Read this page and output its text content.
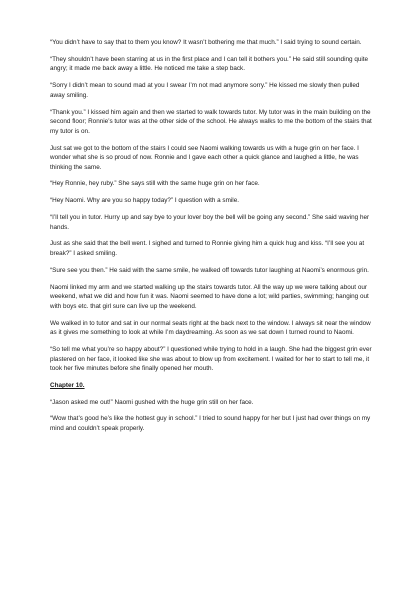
“You didn’t have to say that to them you know? It wasn’t bothering me that much.” I said trying to sound certain.

“They shouldn’t have been starring at us in the first place and I can tell it bothers you.” He said still sounding quite angry; it made me back away a little. He noticed me take a step back.

“Sorry I didn’t mean to sound mad at you I swear I’m not mad anymore sorry.” He kissed me slowly then pulled away smiling.

“Thank you.” I kissed him again and then we started to walk towards tutor. My tutor was in the main building on the second floor; Ronnie’s tutor was at the other side of the school. He always walks to me the bottom of the stairs that my tutor is on.

Just sat we got to the bottom of the stairs I could see Naomi walking towards us with a huge grin on her face. I wonder what she is so proud of now. Ronnie and I gave each other a quick glance and laughed a little, he was thinking the same.

“Hey Ronnie, hey ruby.” She says still with the same huge grin on her face.

“Hey Naomi. Why are you so happy today?” I question with a smile.

“I’ll tell you in tutor. Hurry up and say bye to your lover boy the bell will be going any second.” She said waving her hands.

Just as she said that the bell went. I sighed and turned to Ronnie giving him a quick hug and kiss. “I’ll see you at break?” I asked smiling.

“Sure see you then.” He said with the same smile, he walked off towards tutor laughing at Naomi’s enormous grin.

Naomi linked my arm and we started walking up the stairs towards tutor. All the way up we were talking about our weekend, what we did and how fun it was. Naomi seemed to have done a lot; wild parties, swimming; hanging out with boys etc. that girl sure can live up the weekend.

We walked in to tutor and sat in our normal seats right at the back next to the window. I always sit near the window as it gives me something to look at while I’m daydreaming. As soon as we sat down I turned round to Naomi.

“So tell me what you’re so happy about?” I questioned while trying to hold in a laugh. She had the biggest grin ever plastered on her face, it looked like she was about to blow up from excitement. I waited for her to start to tell me, it took her five minutes before she finally opened her mouth.

Chapter 10.

“Jason asked me out!” Naomi gushed with the huge grin still on her face.

“Wow that’s good he’s like the hottest guy in school.” I tried to sound happy for her but I just had over things on my mind and couldn’t speak properly.
